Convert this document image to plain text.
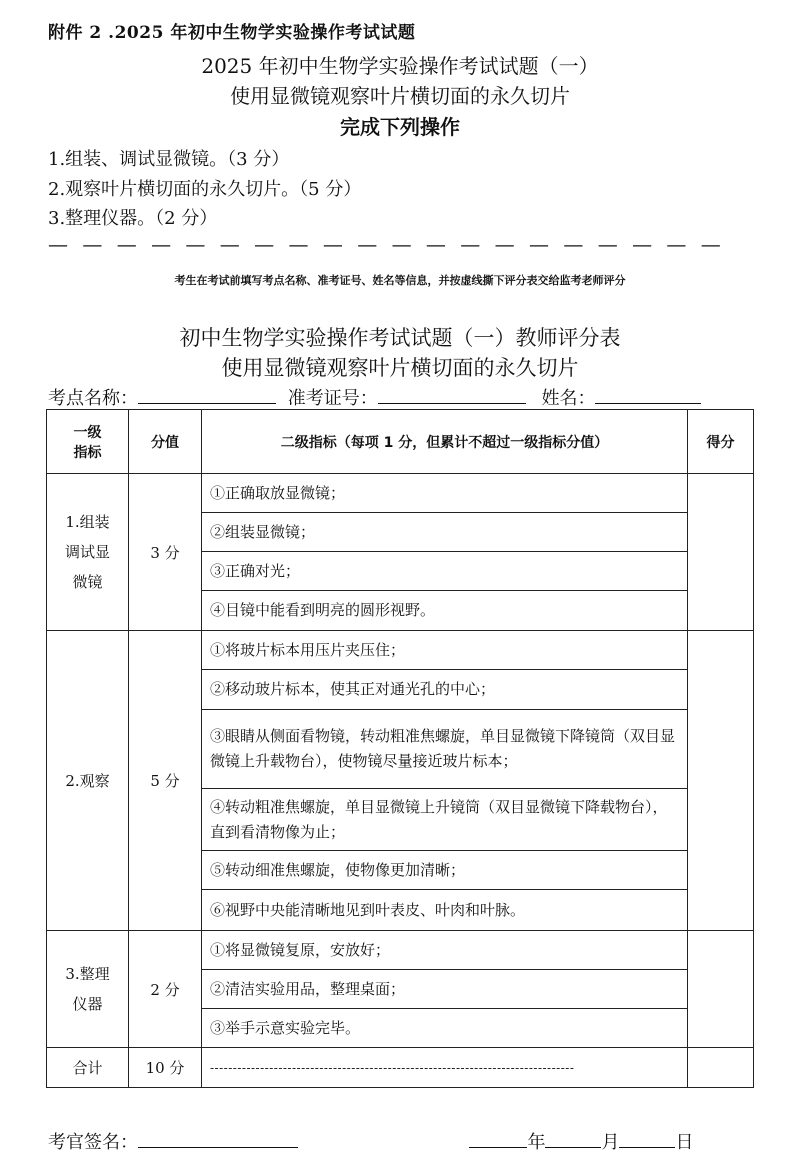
附件 2 .2025 年初中生物学实验操作考试试题
2025 年初中生物学实验操作考试试题（一）
使用显微镜观察叶片横切面的永久切片
完成下列操作
1.组装、调试显微镜。（3 分）
2.观察叶片横切面的永久切片。（5 分）
3.整理仪器。（2 分）
— — — — — — — — — — — — — — — — — — — —
考生在考试前填写考点名称、准考证号、姓名等信息，并按虚线撕下评分表交给监考老师评分
初中生物学实验操作考试试题（一）教师评分表
使用显微镜观察叶片横切面的永久切片
考点名称：	准考证号：	姓名：
一级
指标	分值	二级指标（每项 1 分，但累计不超过一级指标分值）	得分
1.组装
调试显
微镜	3 分	①正确取放显微镜；	
		②组装显微镜；	
		③正确对光；	
		④目镜中能看到明亮的圆形视野。	
2.观察	5 分	①将玻片标本用压片夹压住；	
		②移动玻片标本，使其正对通光孔的中心；	
		③眼睛从侧面看物镜，转动粗准焦螺旋，单目显微镜下降镜筒（双目显微镜上升载物台），使物镜尽量接近玻片标本；	
		④转动粗准焦螺旋，单目显微镜上升镜筒（双目显微镜下降载物台），直到看清物像为止；	
		⑤转动细准焦螺旋，使物像更加清晰；	
		⑥视野中央能清晰地见到叶表皮、叶肉和叶脉。	
3.整理
仪器	2 分	①将显微镜复原，安放好；	
		②清洁实验用品，整理桌面；	
		③举手示意实验完毕。	
合计	10 分	--------------------------------------------------------------------------------	
考官签名：	年	月	日
